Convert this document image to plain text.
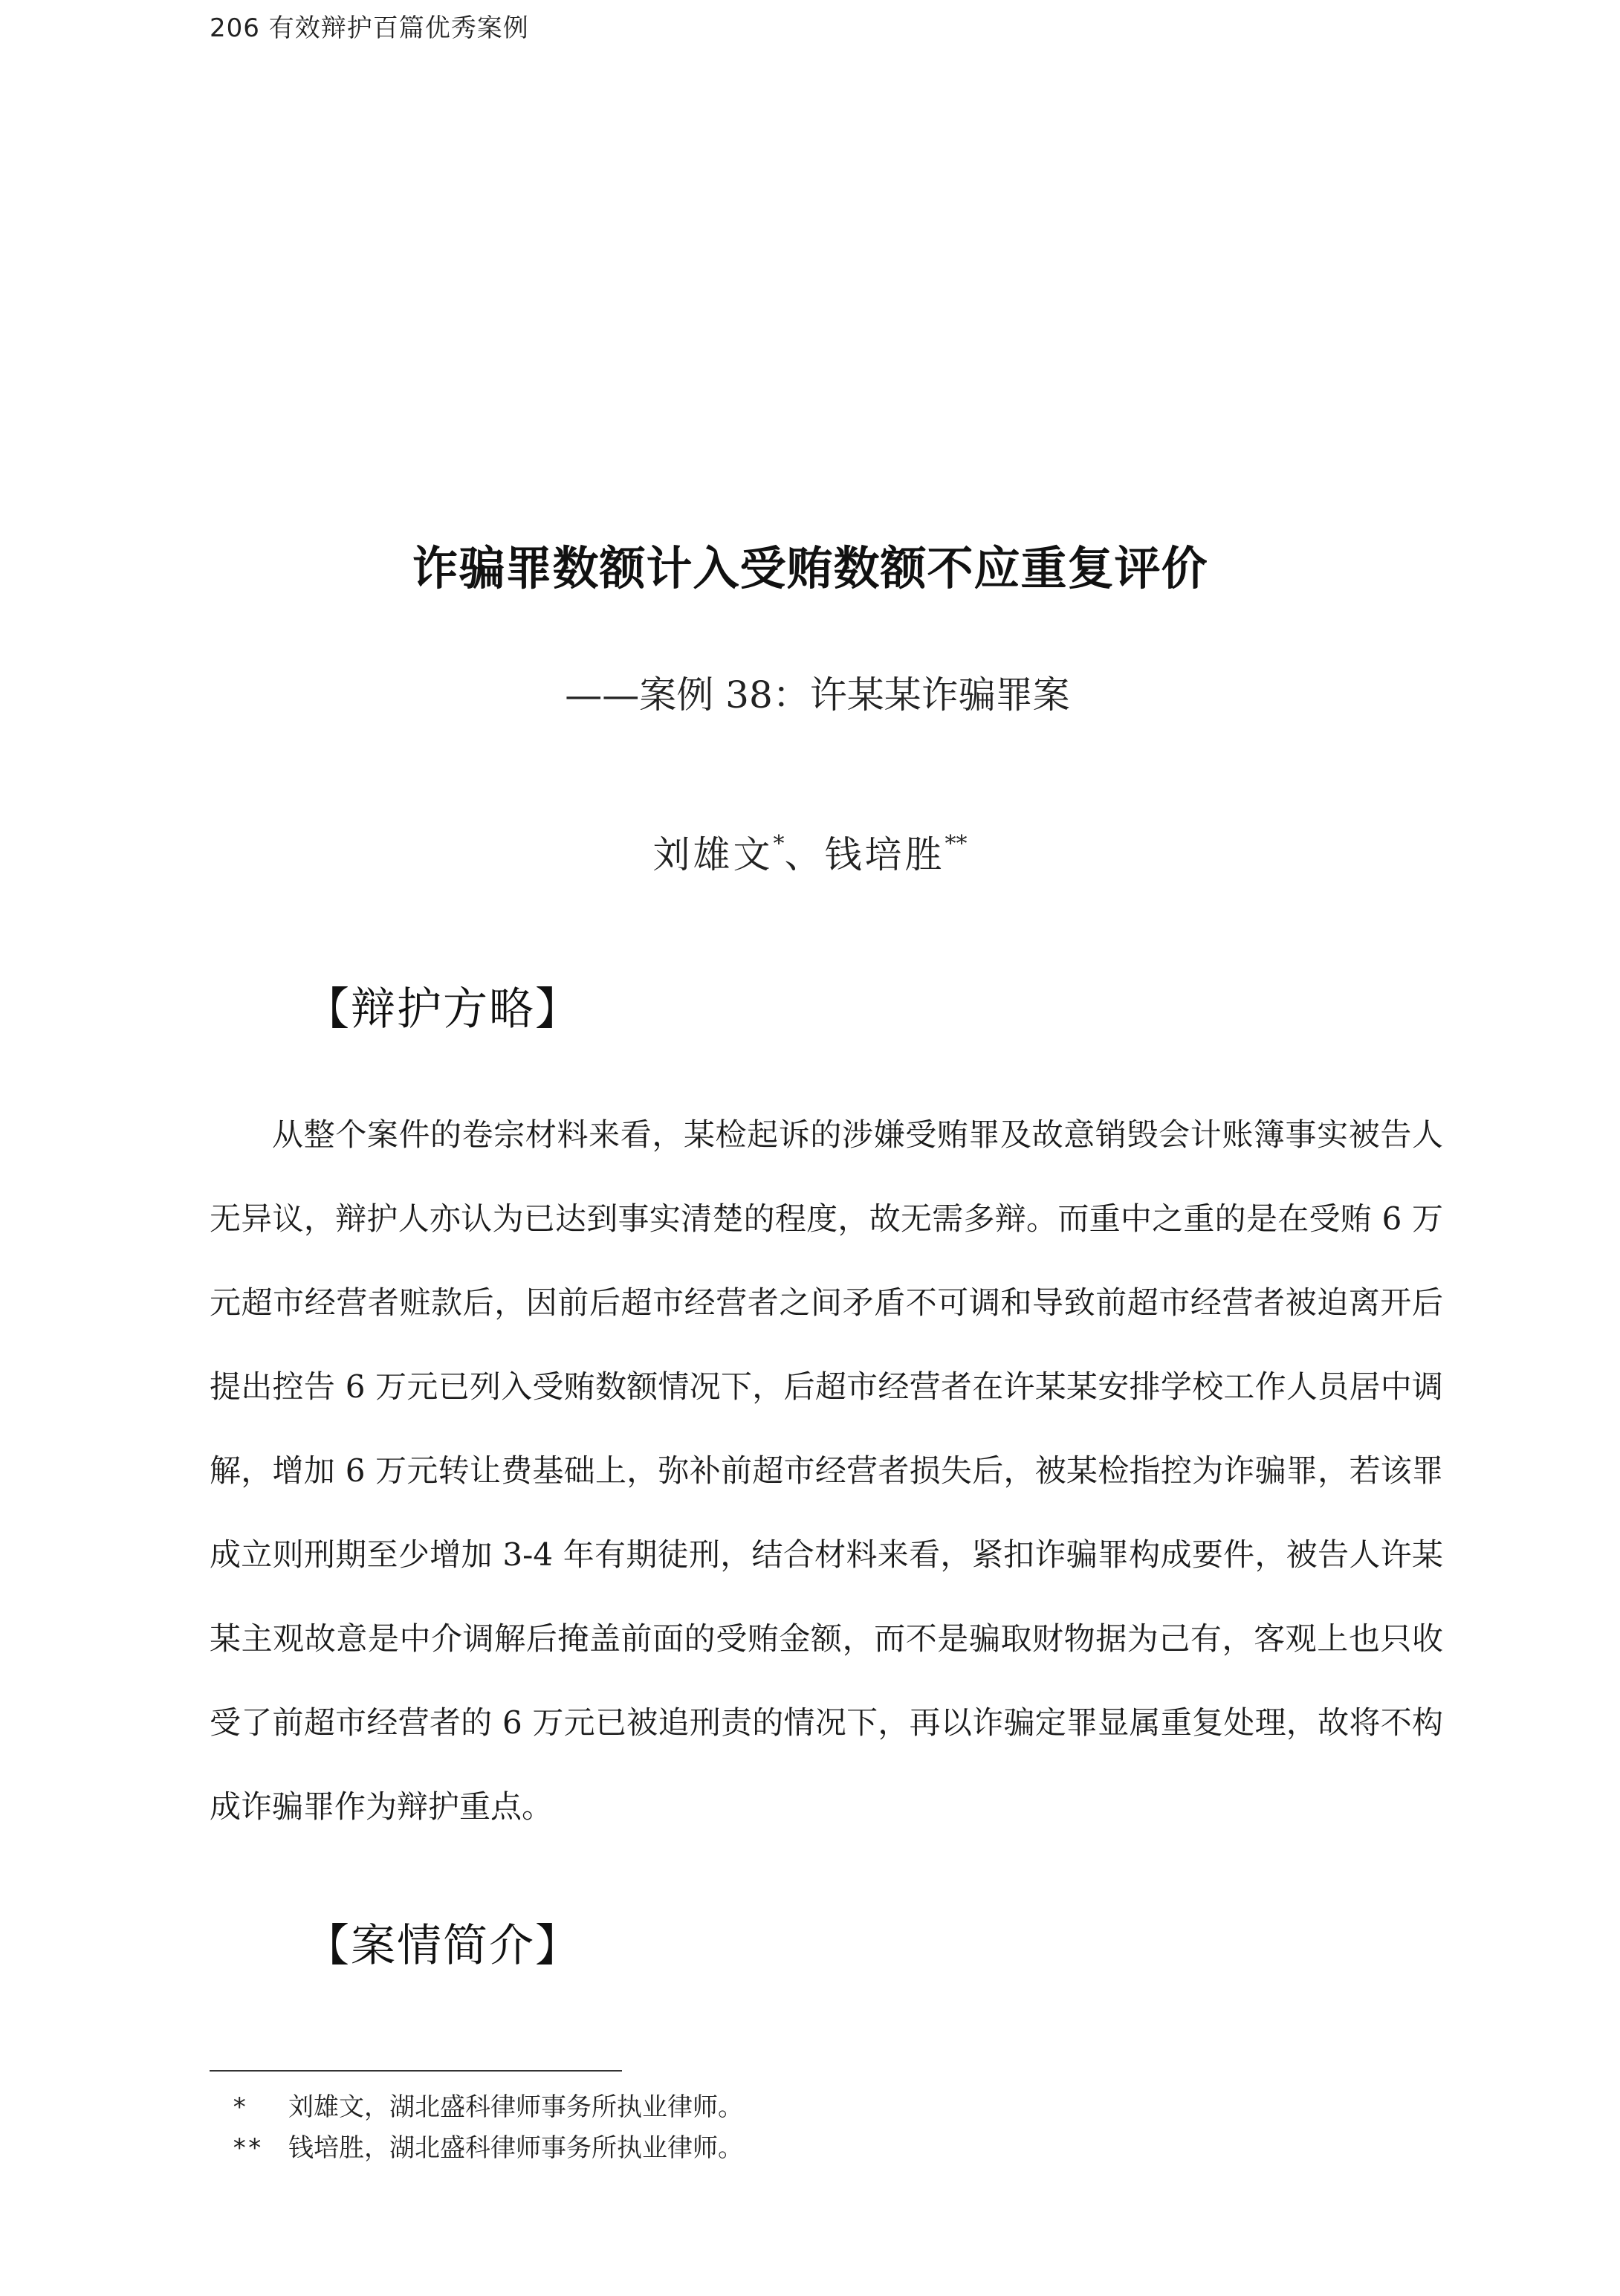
206 有效辩护百篇优秀案例
诈骗罪数额计入受贿数额不应重复评价
——案例 38：许某某诈骗罪案
刘雄文*、钱培胜**
【辩护方略】
从整个案件的卷宗材料来看，某检起诉的涉嫌受贿罪及故意销毁会计账簿事实被告人无异议，辩护人亦认为已达到事实清楚的程度，故无需多辩。而重中之重的是在受贿 6 万元超市经营者赃款后，因前后超市经营者之间矛盾不可调和导致前超市经营者被迫离开后提出控告 6 万元已列入受贿数额情况下，后超市经营者在许某某安排学校工作人员居中调解，增加 6 万元转让费基础上，弥补前超市经营者损失后，被某检指控为诈骗罪，若该罪成立则刑期至少增加 3-4 年有期徒刑，结合材料来看，紧扣诈骗罪构成要件，被告人许某某主观故意是中介调解后掩盖前面的受贿金额，而不是骗取财物据为己有，客观上也只收受了前超市经营者的 6 万元已被追刑责的情况下，再以诈骗定罪显属重复处理，故将不构成诈骗罪作为辩护重点。
【案情简介】
* 刘雄文，湖北盛科律师事务所执业律师。
** 钱培胜，湖北盛科律师事务所执业律师。
